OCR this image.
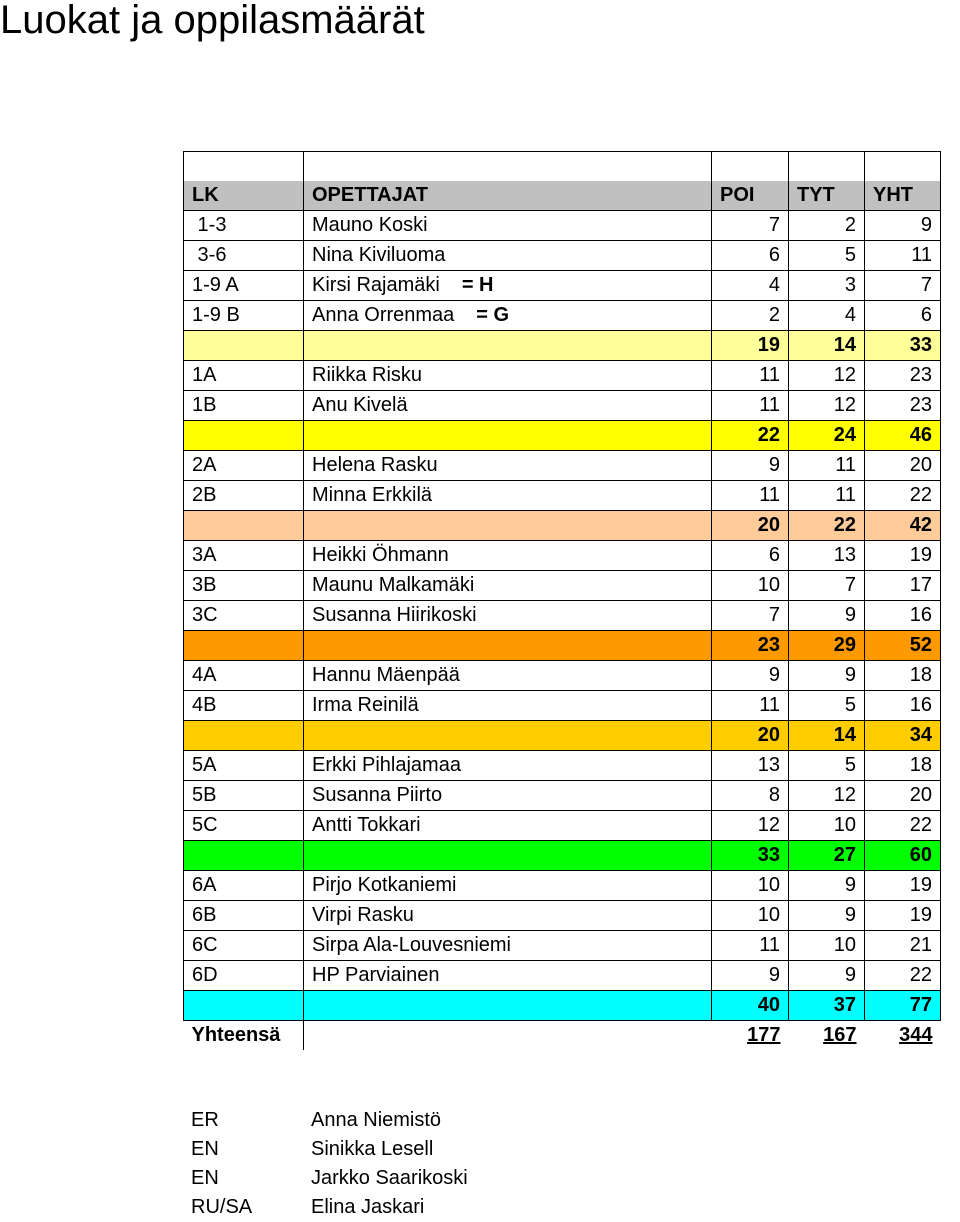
Luokat ja oppilasmäärät

LK	OPETTAJAT	POI	TYT	YHT
1-3	Mauno Koski	7	2	9
3-6	Nina Kiviluoma	6	5	11
1-9 A	Kirsi Rajamäki = H	4	3	7
1-9 B	Anna Orrenmaa = G	2	4	6
		19	14	33
1A	Riikka Risku	11	12	23
1B	Anu Kivelä	11	12	23
		22	24	46
2A	Helena Rasku	9	11	20
2B	Minna Erkkilä	11	11	22
		20	22	42
3A	Heikki Öhmann	6	13	19
3B	Maunu Malkamäki	10	7	17
3C	Susanna Hiirikoski	7	9	16
		23	29	52
4A	Hannu Mäenpää	9	9	18
4B	Irma Reinilä	11	5	16
		20	14	34
5A	Erkki Pihlajamaa	13	5	18
5B	Susanna Piirto	8	12	20
5C	Antti Tokkari	12	10	22
		33	27	60
6A	Pirjo Kotkaniemi	10	9	19
6B	Virpi Rasku	10	9	19
6C	Sirpa Ala-Louvesniemi	11	10	21
6D	HP Parviainen	9	9	22
		40	37	77
Yhteensä		177	167	344
ER	Anna Niemistö
EN	Sinikka Lesell
EN	Jarkko Saarikoski
RU/SA	Elina Jaskari
